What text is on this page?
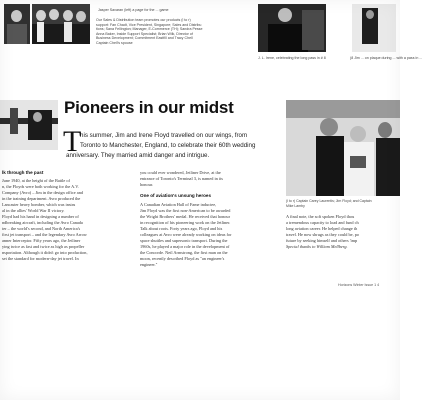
Jasper Savaran (left) a page for the ... game
Our Sales & Distribution team promotes our products (l to r)
support: Fan Chadt, Vice President, Singapore; Sales and Distribu
tions; Sana Fellington; Manager, E-Commerce (TH); Sandra Pesse
Anna Baker, Inside Support Specialist; Brian Wilk, Director of
Business Development; Commitment Eastfill and Tracy Chell
Captain Chell's spouse
J. L. Irene, celebrating the long pass in # 8	(8 Jim ... on plaque during ... with a pass in ...
Pioneers in our midst
(l to r) Captain Carey Laurentis; Jim Floyd; and Captain
Mike Lamby
T
his summer, Jim and Irene Floyd travelled on our wings, from
Toronto to Manchester, England, to celebrate their 60th wedding
anniversary. They married amid danger and intrigue.
lk through the past
June 1940, at the height of the Battle of
n, the Floyds were both working for the A.V.
Company (Avro) – Jim in the design office and
in the training department. Avro produced the
Lancaster heavy bomber, which was instru
al in the allies' World War II victory.
Floyd had his hand in designing a number of
ndbreaking aircraft, including the Avro Canada
ter – the world's second, and North America's
first jet transport – and the legendary Avro Arrow
anner Interceptor. Fifty years ago, the Jetliner
ying twice as fast and twice as high as propeller
nsportation. Although it didn't go into production,
set the standard for modern-day jet travel. In
you could ever wondered, Jetliner Drive, at the
entrance of Toronto's Terminal 3, is named in its
honour.
One of aviation's unsung heroes
A Canadian Aviation Hall of Fame inductee,
Jim Floyd was the first non-American to be awarded
the Wright Brothers' medal. He received that honour
in recognition of his pioneering work on the Jetliner.
Talk about roots. Forty years ago, Floyd and his
colleagues at Avro were already working on ideas for
space shuttles and supersonic transport. During the
1960s, he played a major role in the development of
the Concorde. Neil Armstrong, the first man on the
moon, recently described Floyd as "an engineer's
engineer."
A final note, the soft spoken Floyd thou
a tremendous capacity to load and fund ch
long aviation career. He helped change th
travel. He now shrugs as they could be, po
future by seeking himself and others 'imp
Special thanks to William Mellberg.
Horizons Winter Issue 1 4
